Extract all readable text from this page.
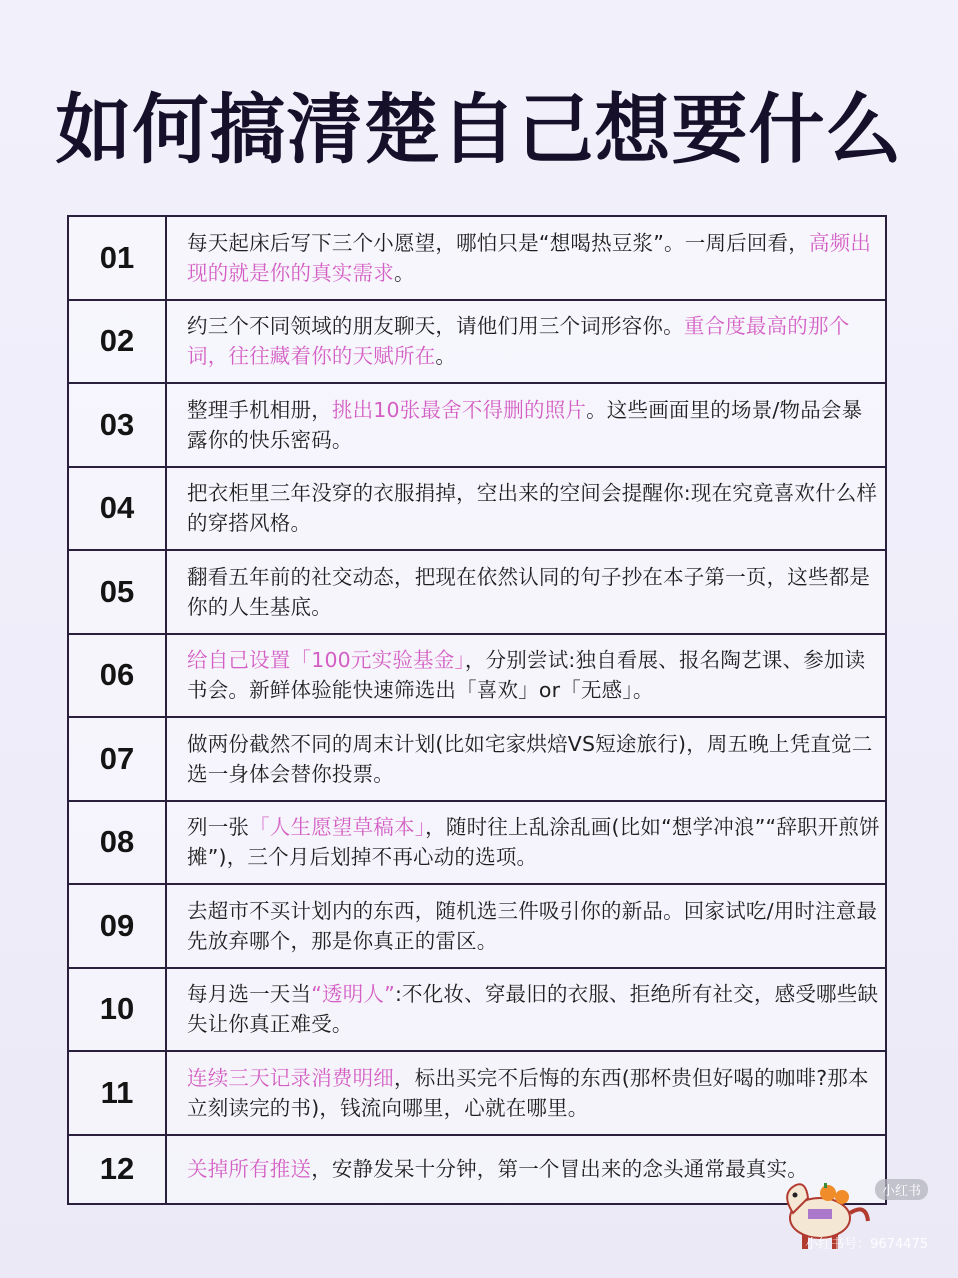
如何搞清楚自己想要什么
01	每天起床后写下三个小愿望，哪怕只是“想喝热豆浆”。一周后回看，高频出现的就是你的真实需求。

02	约三个不同领域的朋友聊天，请他们用三个词形容你。重合度最高的那个词，往往藏着你的天赋所在。

03	整理手机相册，挑出10张最舍不得删的照片。这些画面里的场景/物品会暴露你的快乐密码。

04	把衣柜里三年没穿的衣服捐掉，空出来的空间会提醒你:现在究竟喜欢什么样的穿搭风格。

05	翻看五年前的社交动态，把现在依然认同的句子抄在本子第一页，这些都是你的人生基底。

06	给自己设置「100元实验基金」，分别尝试:独自看展、报名陶艺课、参加读书会。新鲜体验能快速筛选出「喜欢」or「无感」。

07	做两份截然不同的周末计划(比如宅家烘焙VS短途旅行)，周五晚上凭直觉二选一身体会替你投票。

08	列一张「人生愿望草稿本」，随时往上乱涂乱画(比如“想学冲浪”“辞职开煎饼摊”)，三个月后划掉不再心动的选项。

09	去超市不买计划内的东西，随机选三件吸引你的新品。回家试吃/用时注意最先放弃哪个，那是你真正的雷区。

10	每月选一天当“透明人”:不化妆、穿最旧的衣服、拒绝所有社交，感受哪些缺失让你真正难受。

11	连续三天记录消费明细，标出买完不后悔的东西(那杯贵但好喝的咖啡?那本立刻读完的书)，钱流向哪里，心就在哪里。

12	关掉所有推送，安静发呆十分钟，第一个冒出来的念头通常最真实。

小红书
小红书号：9674475
